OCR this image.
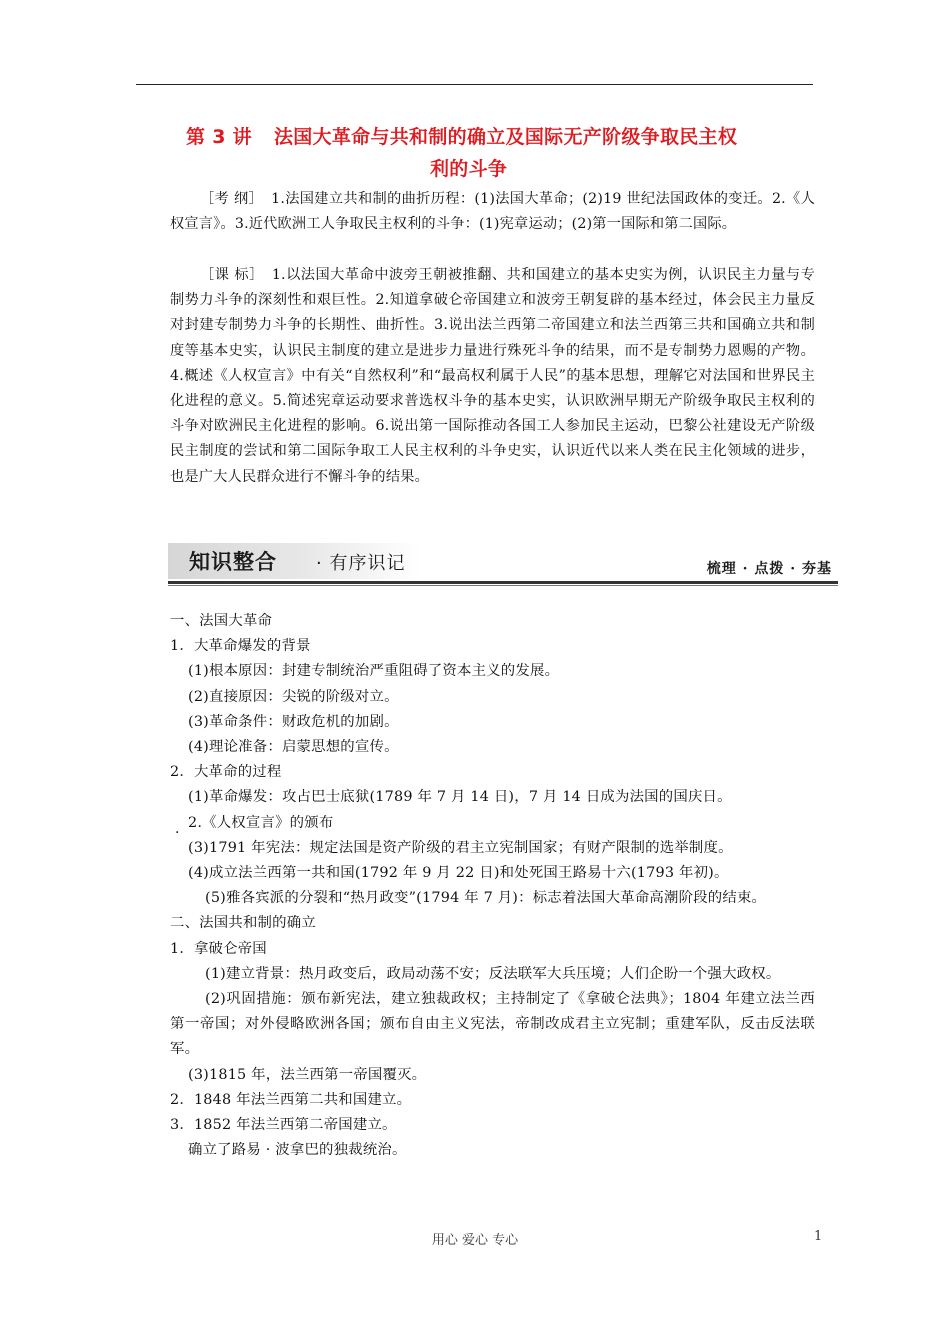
第 3 讲 法国大革命与共和制的确立及国际无产阶级争取民主权
利的斗争

［考 纲］ 1.法国建立共和制的曲折历程：(1)法国大革命；(2)19 世纪法国政体的变迁。2.《人权宣言》。3.近代欧洲工人争取民主权利的斗争：(1)宪章运动；(2)第一国际和第二国际。

［课 标］ 1.以法国大革命中波旁王朝被推翻、共和国建立的基本史实为例，认识民主力量与专制势力斗争的深刻性和艰巨性。2.知道拿破仑帝国建立和波旁王朝复辟的基本经过，体会民主力量反对封建专制势力斗争的长期性、曲折性。3.说出法兰西第二帝国建立和法兰西第三共和国确立共和制度等基本史实，认识民主制度的建立是进步力量进行殊死斗争的结果，而不是专制势力恩赐的产物。4.概述《人权宣言》中有关“自然权利”和“最高权利属于人民”的基本思想，理解它对法国和世界民主化进程的意义。5.简述宪章运动要求普选权斗争的基本史实，认识欧洲早期无产阶级争取民主权利的斗争对欧洲民主化进程的影响。6.说出第一国际推动各国工人参加民主运动，巴黎公社建设无产阶级民主制度的尝试和第二国际争取工人民主权利的斗争史实，认识近代以来人类在民主化领域的进步，也是广大人民群众进行不懈斗争的结果。

知识整合 · 有序识记	梳理 · 点拨 · 夯基

一、法国大革命

1．大革命爆发的背景

(1)根本原因：封建专制统治严重阻碍了资本主义的发展。

(2)直接原因：尖锐的阶级对立。

(3)革命条件：财政危机的加剧。

(4)理论准备：启蒙思想的宣传。

2．大革命的过程

(1)革命爆发：攻占巴士底狱(1789 年 7 月 14 日)，7 月 14 日成为法国的国庆日。

2.《人权宣言》的颁布

(3)1791 年宪法：规定法国是资产阶级的君主立宪制国家；有财产限制的选举制度。

(4)成立法兰西第一共和国(1792 年 9 月 22 日)和处死国王路易十六(1793 年初)。

(5)雅各宾派的分裂和“热月政变”(1794 年 7 月)：标志着法国大革命高潮阶段的结束。

二、法国共和制的确立

1．拿破仑帝国

(1)建立背景：热月政变后，政局动荡不安；反法联军大兵压境；人们企盼一个强大政权。

(2)巩固措施：颁布新宪法，建立独裁政权；主持制定了《拿破仑法典》；1804 年建立法兰西第一帝国；对外侵略欧洲各国；颁布自由主义宪法，帝制改成君主立宪制；重建军队，反击反法联军。

(3)1815 年，法兰西第一帝国覆灭。

2．1848 年法兰西第二共和国建立。

3．1852 年法兰西第二帝国建立。

确立了路易 · 波拿巴的独裁统治。

·
用心 爱心 专心	1
